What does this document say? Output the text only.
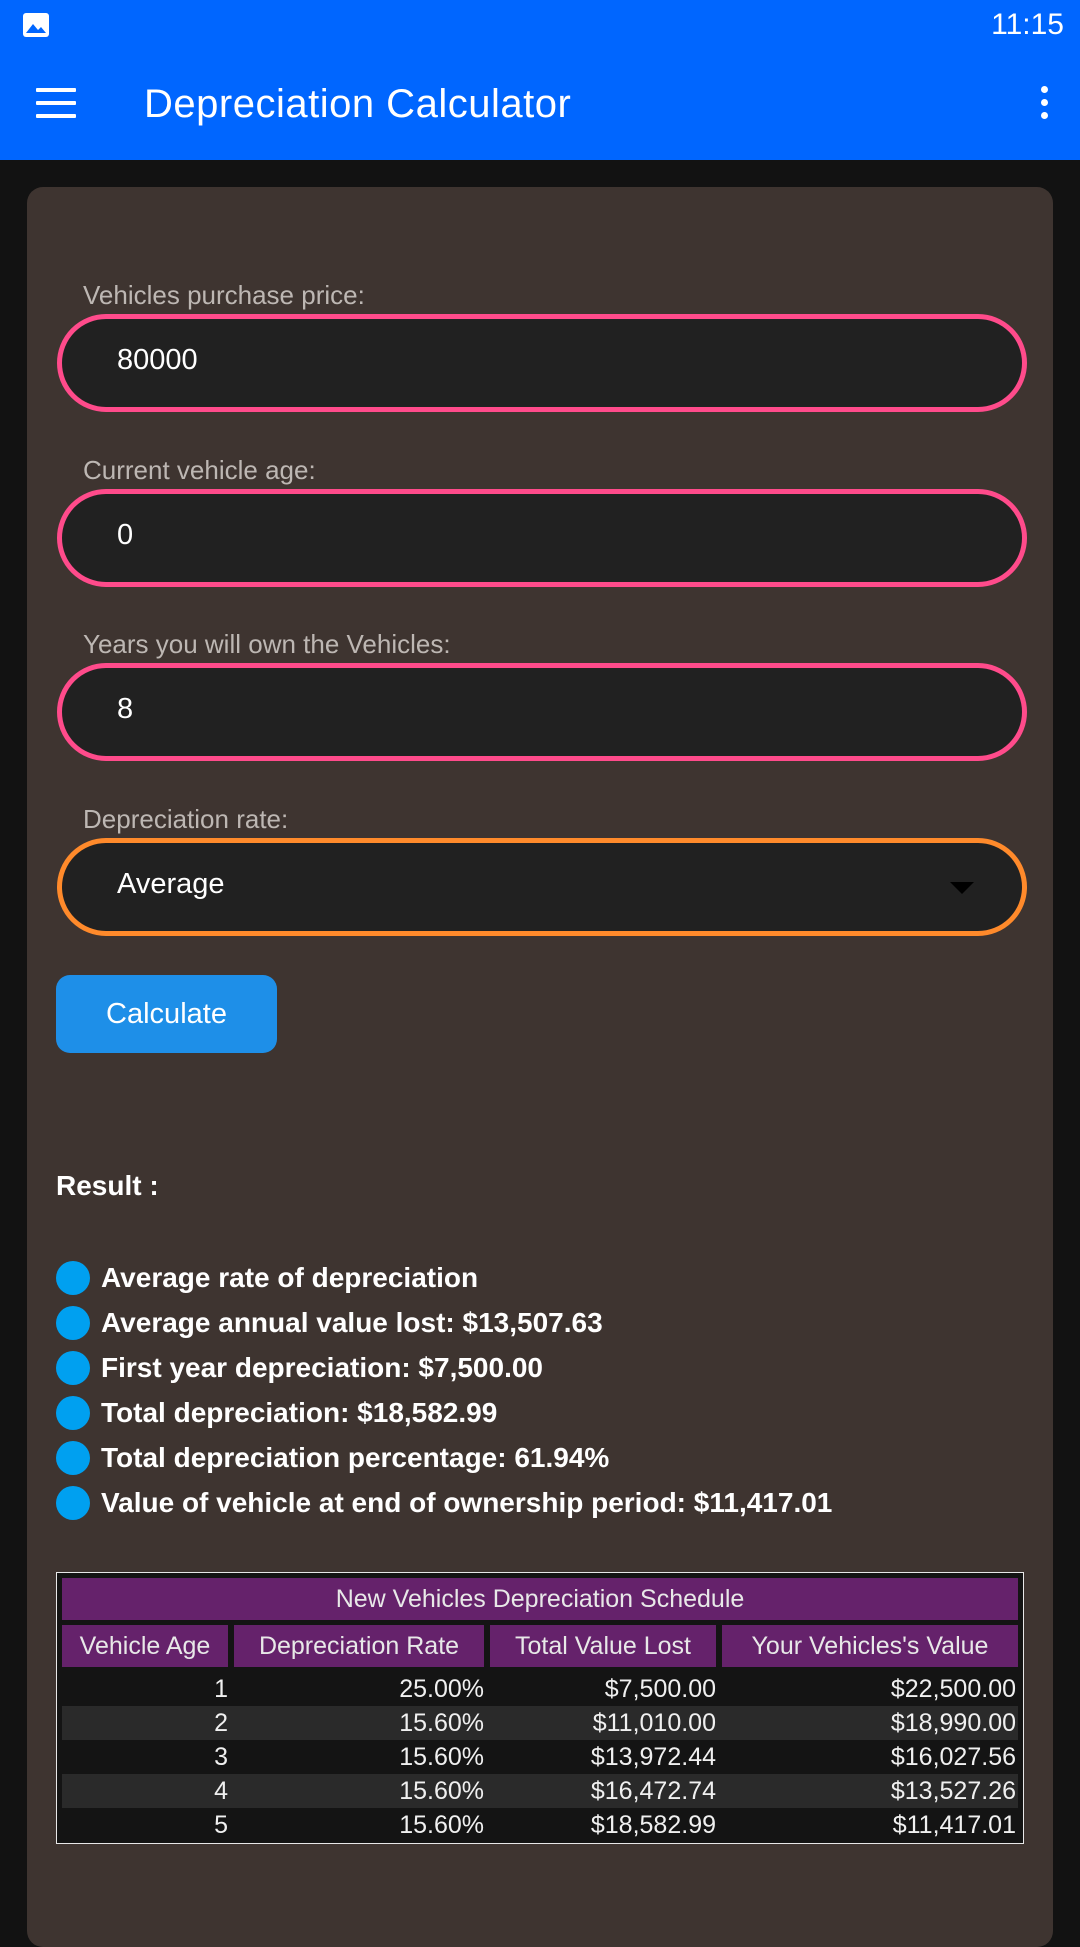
11:15
Depreciation Calculator
Vehicles purchase price:
80000
Current vehicle age:
0
Years you will own the Vehicles:
8
Depreciation rate:
Average
Calculate
Result :
Average rate of depreciation
Average annual value lost: $13,507.63
First year depreciation: $7,500.00
Total depreciation: $18,582.99
Total depreciation percentage: 61.94%
Value of vehicle at end of ownership period: $11,417.01
New Vehicles Depreciation Schedule
Vehicle Age	Depreciation Rate	Total Value Lost	Your Vehicles's Value
1	25.00%	$7,500.00	$22,500.00
2	15.60%	$11,010.00	$18,990.00
3	15.60%	$13,972.44	$16,027.56
4	15.60%	$16,472.74	$13,527.26
5	15.60%	$18,582.99	$11,417.01
